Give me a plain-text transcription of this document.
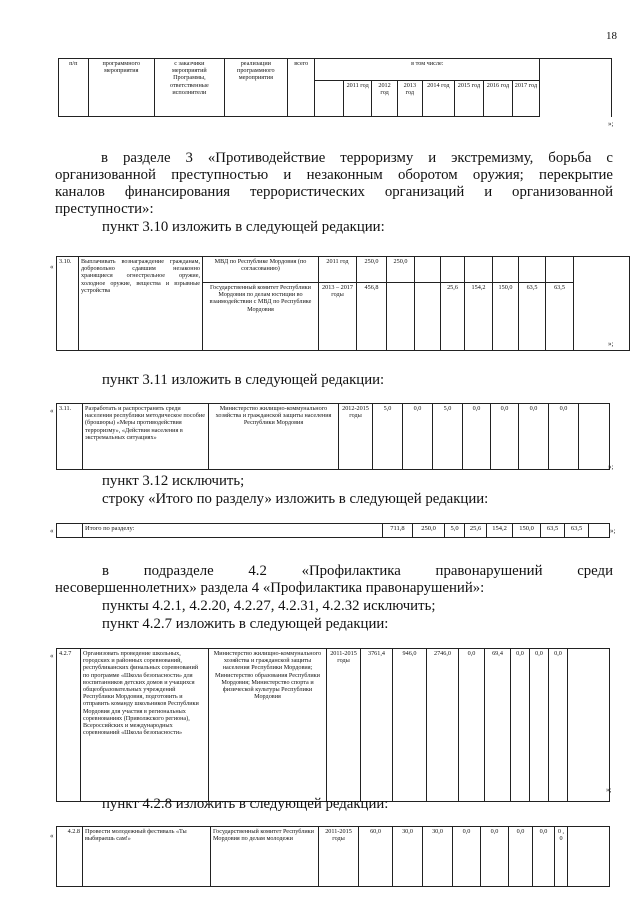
18
п/п	программного мероприятия	с заказчики мероприятий Программы, ответственные исполнители	реализации программного мероприятия	всего	в том числе:								
						2011 год	2012 год	2013 год	2014 год	2015 год	2016 год	2017 год	
»;
в разделе 3 «Противодействие терроризму и экстремизму, борьба с
организованной преступностью и незаконным оборотом оружия; перекрытие
каналов финансирования террористических организаций и организованной
преступности»:
пункт 3.10 изложить в следующей редакции:
«
3.10.	Выплачивать вознаграждение гражданам, добровольно сдавшим незаконно хранящиеся огнестрельное оружие, холодное оружие, вещества и взрывные устройства	МВД по Республике Мордовия (по согласованию)	2011 год	250,0	250,0							
		Государственный комитет Республики Мордовия по делам юстиции во взаимодействии с МВД по Республике Мордовия	2013 – 2017 годы	456,8			25,6	154,2	150,0	63,5	63,5	
»;
пункт 3.11 изложить в следующей редакции:
« 3.11.	Разработать и распространять среди населения республики методическое пособие (брошюры) «Меры противодействия терроризму», «Действия населения в экстремальных ситуациях»	Министерство жилищно-коммунального хозяйства и гражданской защиты населения Республики Мордовия	2012-2015 годы	5,0	0,0	5,0	0,0	0,0	0,0	0,0	
»;
пункт 3.12 исключить;
строку «Итого по разделу» изложить в следующей редакции:
«
		Итого по разделу:	711,8	250,0	5,0	25,6	154,2	150,0	63,5	63,5		»;
в подразделе 4.2 «Профилактика правонарушений среди
несовершеннолетних» раздела 4 «Профилактика правонарушений»:
пункты 4.2.1, 4.2.20, 4.2.27, 4.2.31, 4.2.32 исключить;
пункт 4.2.7 изложить в следующей редакции:
« 4.2.7	Организовать проведение школьных, городских и районных соревнований, республиканских финальных соревнований по программе «Школа безопасности» для воспитанников детских домов и учащихся общеобразовательных учреждений Республики Мордовия, подготовить и отправить команду школьников Республики Мордовия для участия в региональных соревнованиях (Приволжского региона), Всероссийских и международных соревнований «Школа безопасности»	Министерство жилищно-коммунального хозяйства и гражданской защиты населения Республики Мордовия; Министерство образования Республики Мордовия; Министерство спорта и физической культуры Республики Мордовия	2011-2015 годы	3761,4	946,0	2746,0	0,0	69,4	0,0	0,0	0,0	
»;
пункт 4.2.8 изложить в следующей редакции:
«
4.2.8	Провести молодежный фестиваль «Ты выбираешь сам!»	Государственный комитет Республики Мордовия по делам молодежи	2011-2015 годы	60,0	30,0	30,0	0,0	0,0	0,0	0,0	0 , 0	
